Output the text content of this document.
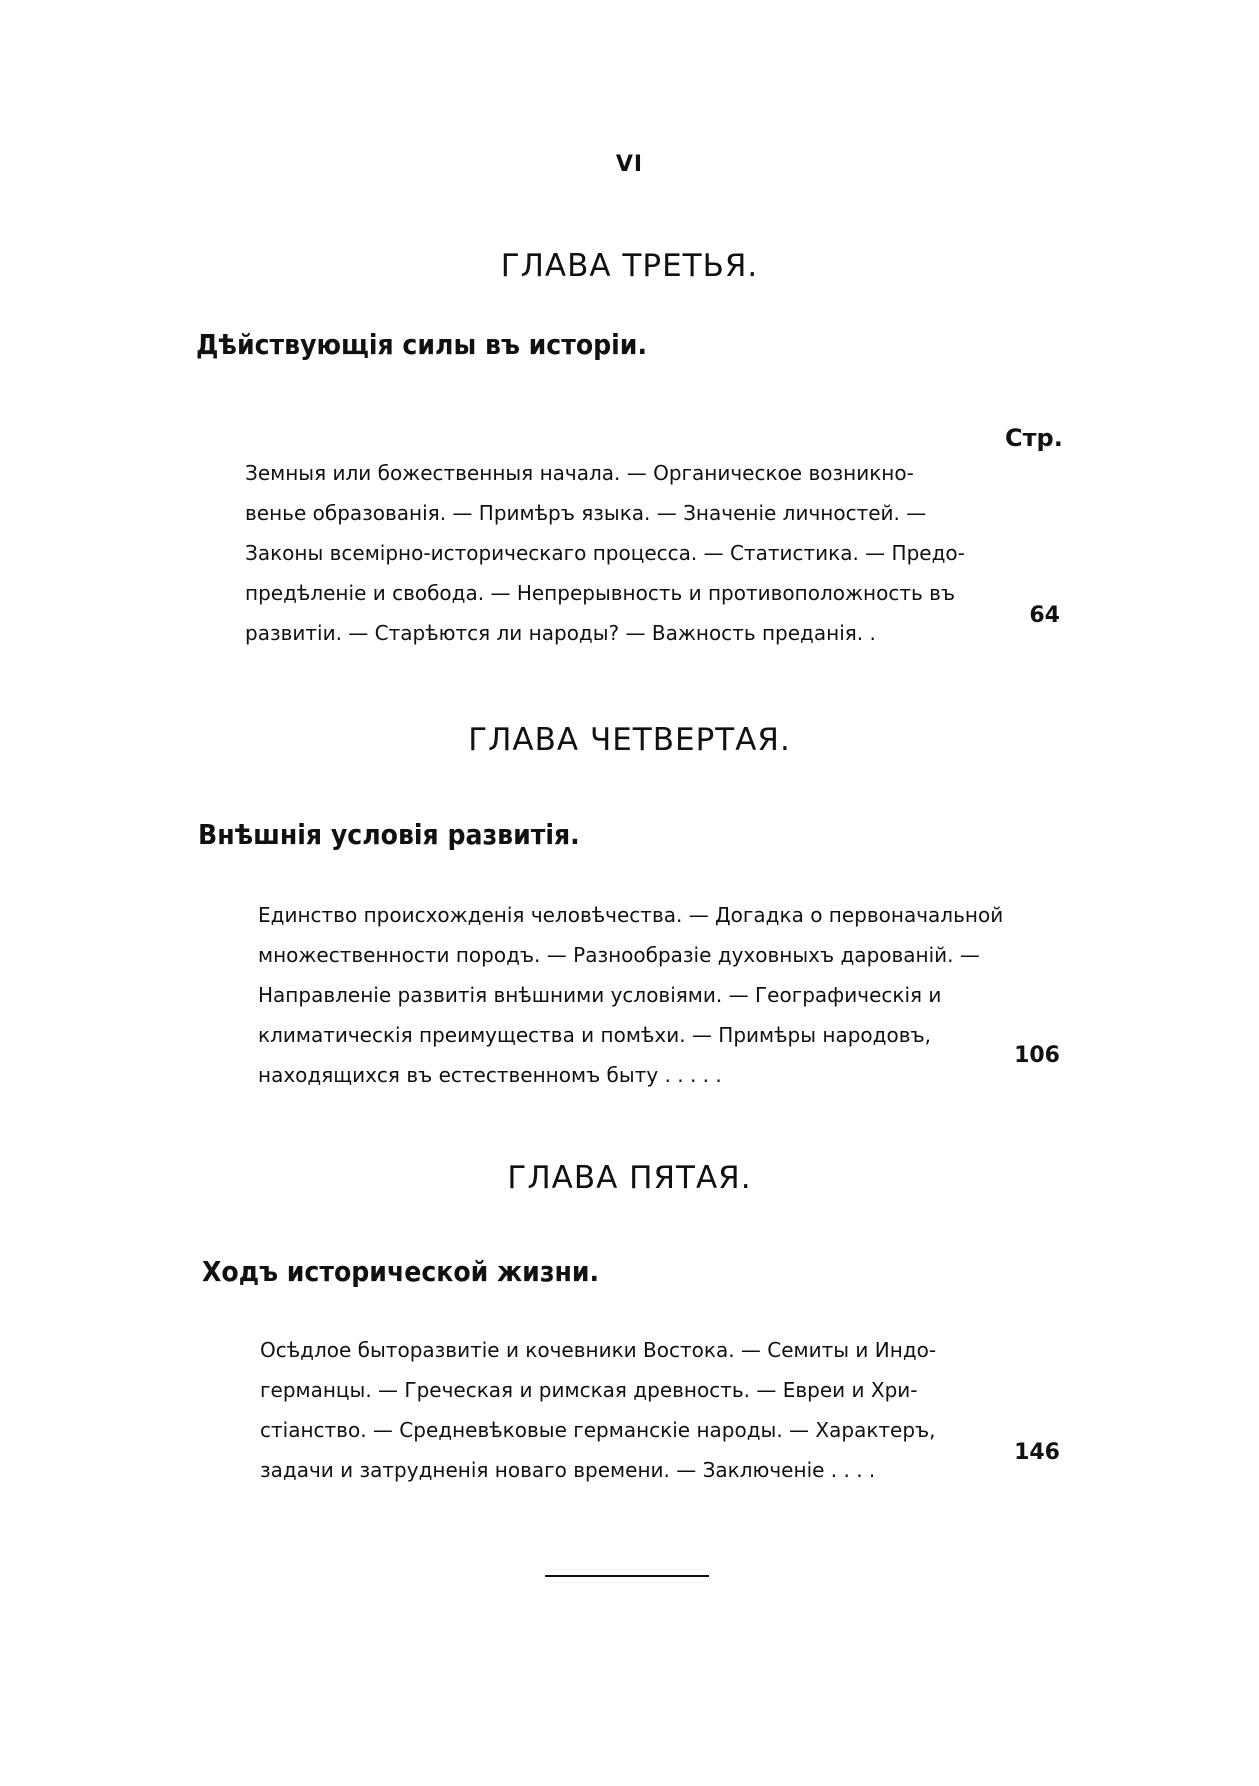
VI
ГЛАВА ТРЕТЬЯ.
Дѣйствующія силы въ исторіи.
Стр.
Земныя или божественныя начала. — Органическое возникно-
венье образованія. — Примѣръ языка. — Значеніе личностей. —
Законы всемірно-историческаго процесса. — Статистика. — Предо-
предѣленіе и свобода. — Непрерывность и противоположность въ
развитіи. — Старѣются ли народы? — Важность преданія. .
64
ГЛАВА ЧЕТВЕРТАЯ.
Внѣшнія условія развитія.
Единство происхожденія человѣчества. — Догадка о первоначальной
множественности породъ. — Разнообразіе духовныхъ дарованій. —
Направленіе развитія внѣшними условіями. — Географическія и
климатическія преимущества и помѣхи. — Примѣры народовъ,
находящихся въ естественномъ быту . . . . .
106
ГЛАВА ПЯТАЯ.
Ходъ исторической жизни.
Осѣдлое бытоpaзвитіе и кочевники Востока. — Семиты и Индо-
германцы. — Греческая и римская древность. — Евреи и Хри-
стіанство. — Средневѣковые германскіе народы. — Характеръ,
задачи и затрудненія новаго времени. — Заключеніе . . . .
146
